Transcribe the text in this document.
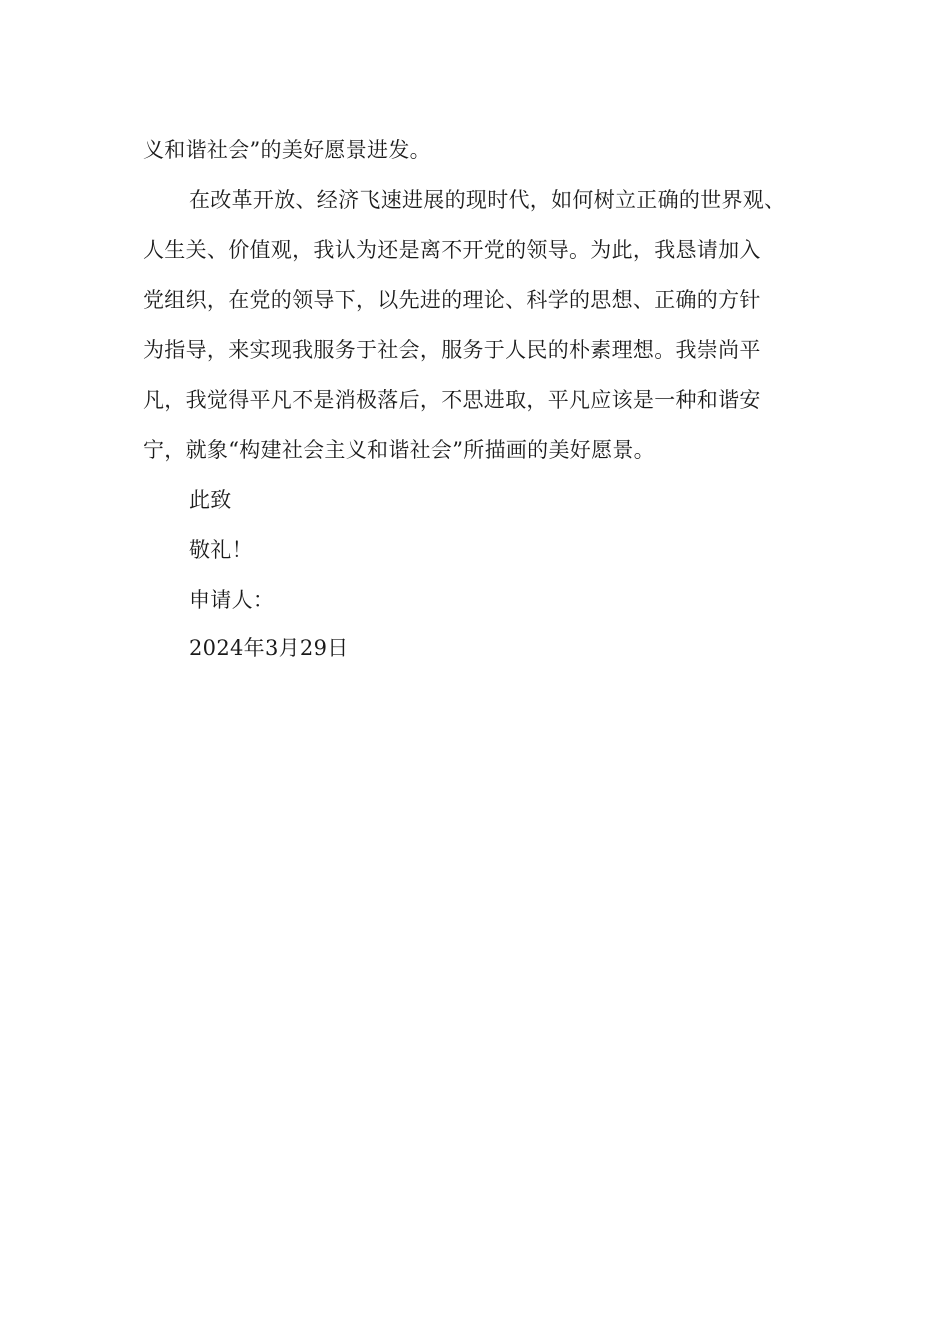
义和谐社会”的美好愿景进发。
在改革开放、经济飞速进展的现时代，如何树立正确的世界观、
人生关、价值观，我认为还是离不开党的领导。为此，我恳请加入
党组织，在党的领导下，以先进的理论、科学的思想、正确的方针
为指导，来实现我服务于社会，服务于人民的朴素理想。我崇尚平
凡，我觉得平凡不是消极落后，不思进取，平凡应该是一种和谐安
宁，就象“构建社会主义和谐社会”所描画的美好愿景。
此致
敬礼！
申请人：
2024年3月29日
